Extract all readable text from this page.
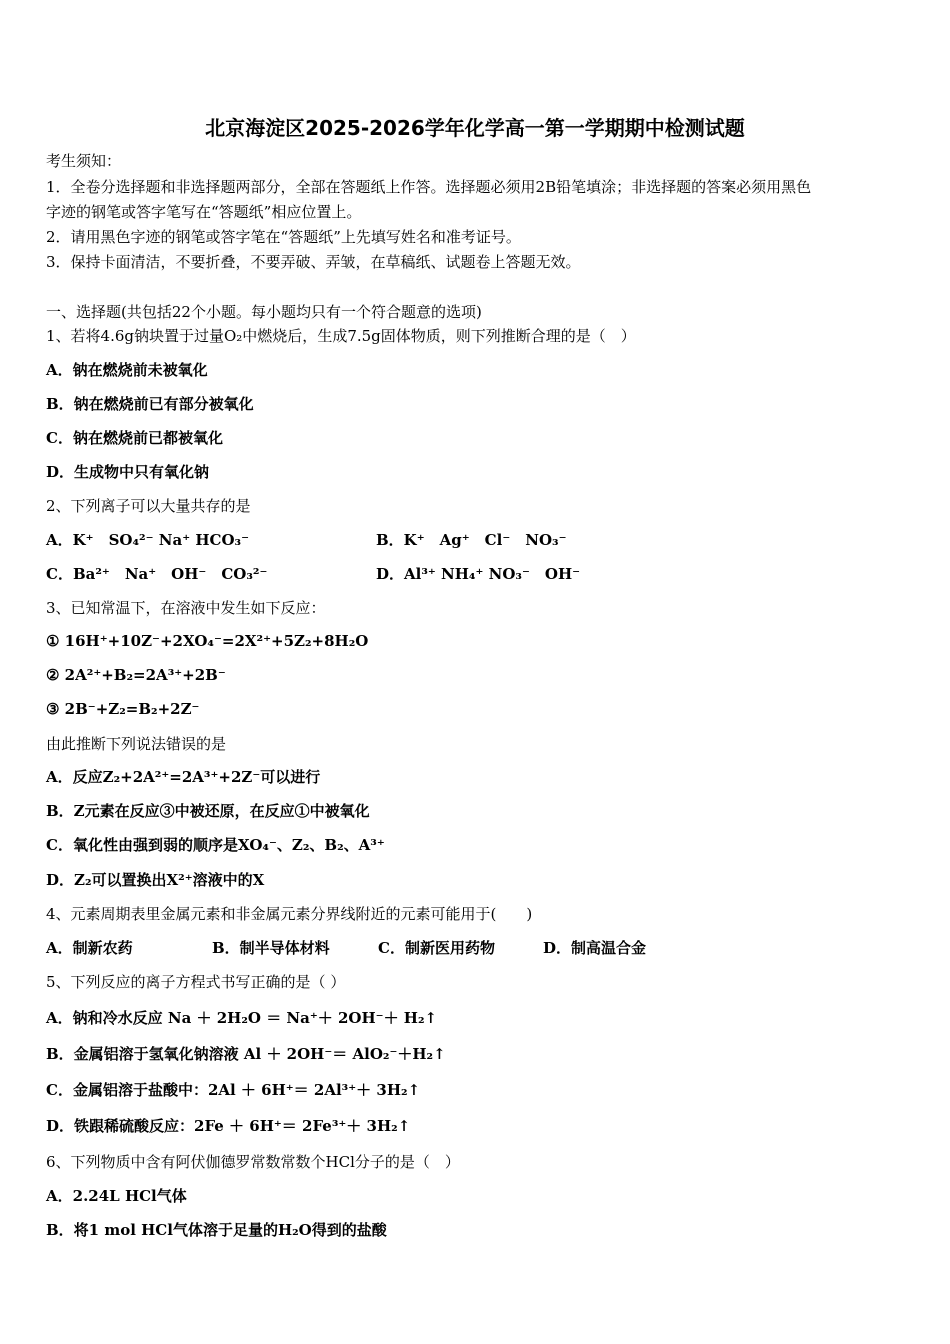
北京海淀区2025-2026学年化学高一第一学期期中检测试题
考生须知：
1．全卷分选择题和非选择题两部分，全部在答题纸上作答。选择题必须用2B铅笔填涂；非选择题的答案必须用黑色
字迹的钢笔或答字笔写在“答题纸”相应位置上。
2．请用黑色字迹的钢笔或答字笔在“答题纸”上先填写姓名和准考证号。
3．保持卡面清洁，不要折叠，不要弄破、弄皱，在草稿纸、试题卷上答题无效。
一、选择题(共包括22个小题。每小题均只有一个符合题意的选项)
1、若将4.6g钠块置于过量O₂中燃烧后，生成7.5g固体物质，则下列推断合理的是（　）
A．钠在燃烧前未被氧化
B．钠在燃烧前已有部分被氧化
C．钠在燃烧前已都被氧化
D．生成物中只有氧化钠
2、下列离子可以大量共存的是
A．K⁺　SO₄²⁻ Na⁺ HCO₃⁻	B．K⁺　Ag⁺　Cl⁻　NO₃⁻
C．Ba²⁺　Na⁺　OH⁻　CO₃²⁻	D．Al³⁺ NH₄⁺ NO₃⁻　OH⁻
3、已知常温下，在溶液中发生如下反应：
① 16H⁺+10Z⁻+2XO₄⁻=2X²⁺+5Z₂+8H₂O
② 2A²⁺+B₂=2A³⁺+2B⁻
③ 2B⁻+Z₂=B₂+2Z⁻
由此推断下列说法错误的是
A．反应Z₂+2A²⁺=2A³⁺+2Z⁻可以进行
B．Z元素在反应③中被还原，在反应①中被氧化
C．氧化性由强到弱的顺序是XO₄⁻、Z₂、B₂、A³⁺
D．Z₂可以置换出X²⁺溶液中的X
4、元素周期表里金属元素和非金属元素分界线附近的元素可能用于(　　)
A．制新农药	B．制半导体材料	C．制新医用药物	D．制高温合金
5、下列反应的离子方程式书写正确的是（ ）
A．钠和冷水反应 Na ＋ 2H₂O ＝ Na⁺＋ 2OH⁻＋ H₂↑
B．金属铝溶于氢氧化钠溶液 Al ＋ 2OH⁻＝ AlO₂⁻＋H₂↑
C．金属铝溶于盐酸中：2Al ＋ 6H⁺＝ 2Al³⁺＋ 3H₂↑
D．铁跟稀硫酸反应：2Fe ＋ 6H⁺＝ 2Fe³⁺＋ 3H₂↑
6、下列物质中含有阿伏伽德罗常数常数个HCl分子的是（　）
A．2.24L HCl气体
B．将1 mol HCl气体溶于足量的H₂O得到的盐酸
